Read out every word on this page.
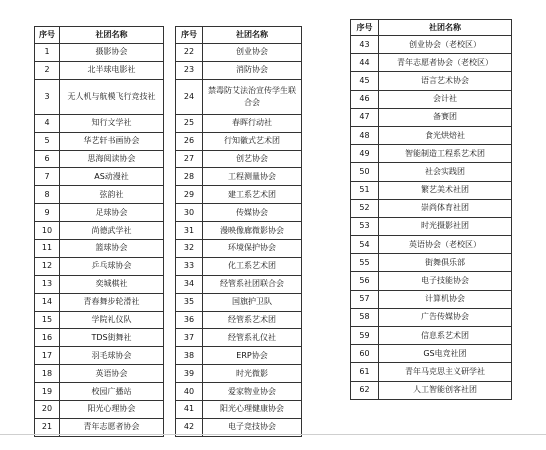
序号	社团名称
1	摄影协会
2	北半球电影社
3	无人机与航模飞行竞技社
4	知行文学社
5	华艺轩书画协会
6	思海阅读协会
7	AS动漫社
8	弦韵社
9	足球协会
10	尚德武学社
11	篮球协会
12	乒乓球协会
13	奕城棋社
14	青春舞步轮滑社
15	学院礼仪队
16	TDS街舞社
17	羽毛球协会
18	英语协会
19	校园广播站
20	阳光心理协会
21	青年志愿者协会
序号	社团名称
22	创业协会
23	消防协会
24	禁毒防艾法治宣传学生联合会
25	春晖行动社
26	行知徽式艺术团
27	创艺协会
28	工程测量协会
29	建工系艺术团
30	传媒协会
31	漫映像廊微影协会
32	环境保护协会
33	化工系艺术团
34	经管系社团联合会
35	国旗护卫队
36	经管系艺术团
37	经管系礼仪社
38	ERP协会
39	时光微影
40	爱家物业协会
41	阳光心理健康协会
42	电子竞技协会
序号	社团名称
43	创业协会（老校区）
44	青年志愿者协会（老校区）
45	语言艺术协会
46	会计社
47	备赛团
48	食光烘焙社
49	智能制造工程系艺术团
50	社会实践团
51	繁艺美术社团
52	崇尚体育社团
53	时光摄影社团
54	英语协会（老校区）
55	街舞俱乐部
56	电子技能协会
57	计算机协会
58	广告传媒协会
59	信息系艺术团
60	GS电竞社团
61	青年马克思主义研学社
62	人工智能创客社团
